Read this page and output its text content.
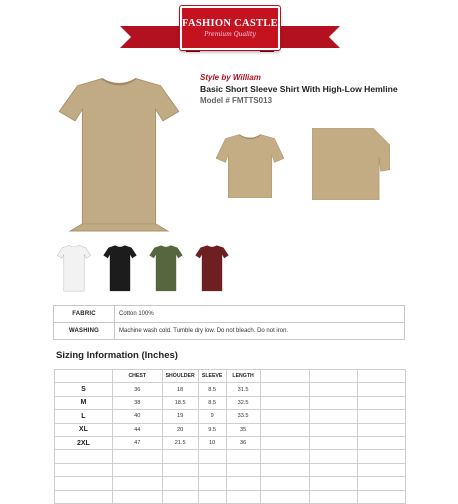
FASHION CASTLE
Premium Quality
Style by William
Basic Short Sleeve Shirt With High-Low Hemline
Model # FMTTS013
FABRIC	Cotton 100%
WASHING	Machine wash cold. Tumble dry low. Do not bleach. Do not iron.
Sizing Information (Inches)
	CHEST	SHOULDER	SLEEVE	LENGTH			
S	36	18	8.5	31.5			
M	38	18.5	8.5	32.5			
L	40	19	9	33.5			
XL	44	20	9.5	35			
2XL	47	21.5	10	36			
